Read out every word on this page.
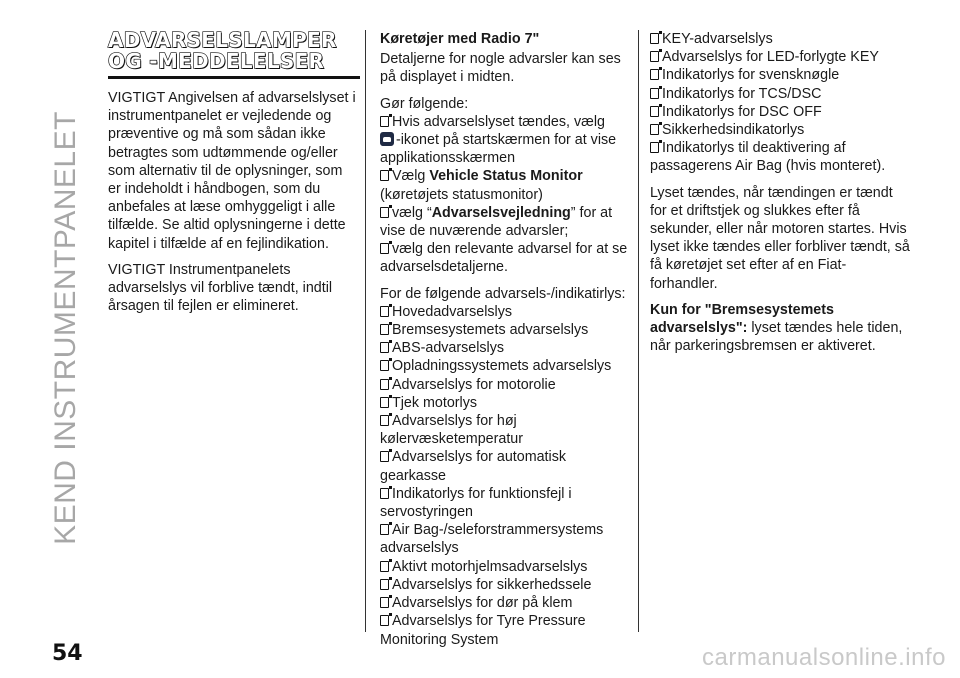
KEND INSTRUMENTPANELET
54	carmanualsonline.info
ADVARSELSLAMPER
OG -MEDDELELSER

VIGTIGT Angivelsen af advarselslyset i instrumentpanelet er vejledende og præventive og må som sådan ikke betragtes som udtømmende og/eller som alternativ til de oplysninger, som er indeholdt i håndbogen, som du anbefales at læse omhyggeligt i alle tilfælde. Se altid oplysningerne i dette kapitel i tilfælde af en fejlindikation.

VIGTIGT Instrumentpanelets advarselslys vil forblive tændt, indtil årsagen til fejlen er elimineret.

Køretøjer med Radio 7"

Detaljerne for nogle advarsler kan ses på displayet i midten.

Gør følgende:

Hvis advarselslyset tændes, vælg
-ikonet på startskærmen for at vise applikationsskærmen
Vælg Vehicle Status Monitor (køretøjets statusmonitor)
vælg “Advarselsvejledning” for at vise de nuværende advarsler;
vælg den relevante advarsel for at se advarselsdetaljerne.

For de følgende advarsels-/indikatirlys:

Hovedadvarselslys
Bremsesystemets advarselslys
ABS-advarselslys
Opladningssystemets advarselslys
Advarselslys for motorolie
Tjek motorlys
Advarselslys for høj kølervæsketemperatur
Advarselslys for automatisk gearkasse
Indikatorlys for funktionsfejl i servostyringen
Air Bag-/seleforstrammersystems advarselslys
Aktivt motorhjelmsadvarselslys
Advarselslys for sikkerhedssele
Advarselslys for dør på klem
Advarselslys for Tyre Pressure Monitoring System
KEY-advarselslys
Advarselslys for LED-forlygte KEY
Indikatorlys for svensknøgle
Indikatorlys for TCS/DSC
Indikatorlys for DSC OFF
Sikkerhedsindikatorlys
Indikatorlys til deaktivering af passagerens Air Bag (hvis monteret).

Lyset tændes, når tændingen er tændt for et driftstjek og slukkes efter få sekunder, eller når motoren startes. Hvis lyset ikke tændes eller forbliver tændt, så få køretøjet set efter af en Fiat-forhandler.

Kun for "Bremsesystemets advarselslys": lyset tændes hele tiden, når parkeringsbremsen er aktiveret.
